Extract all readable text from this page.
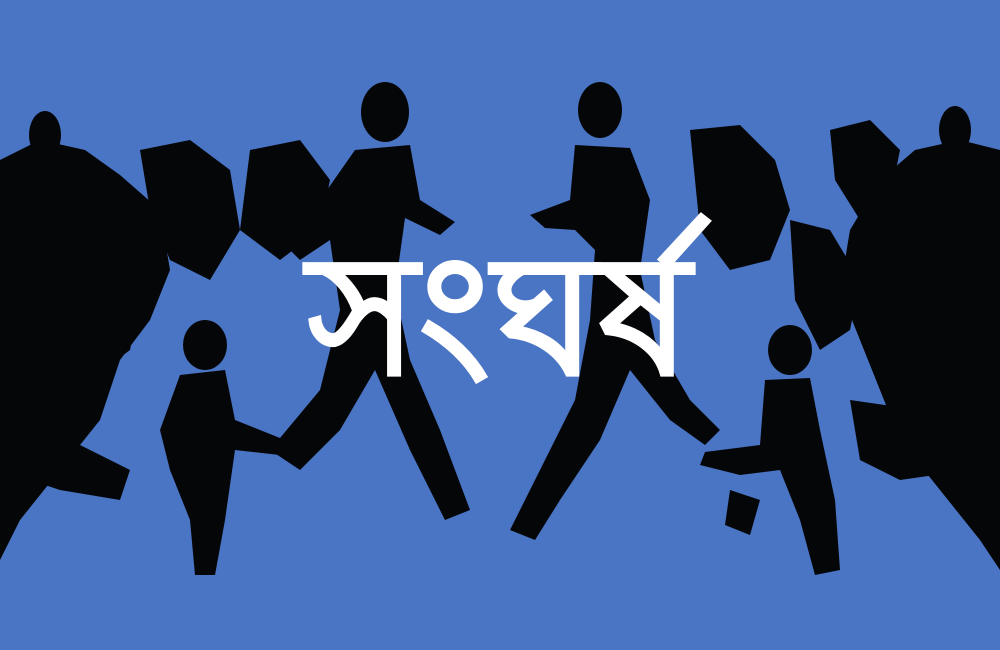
সংঘর্ষ
